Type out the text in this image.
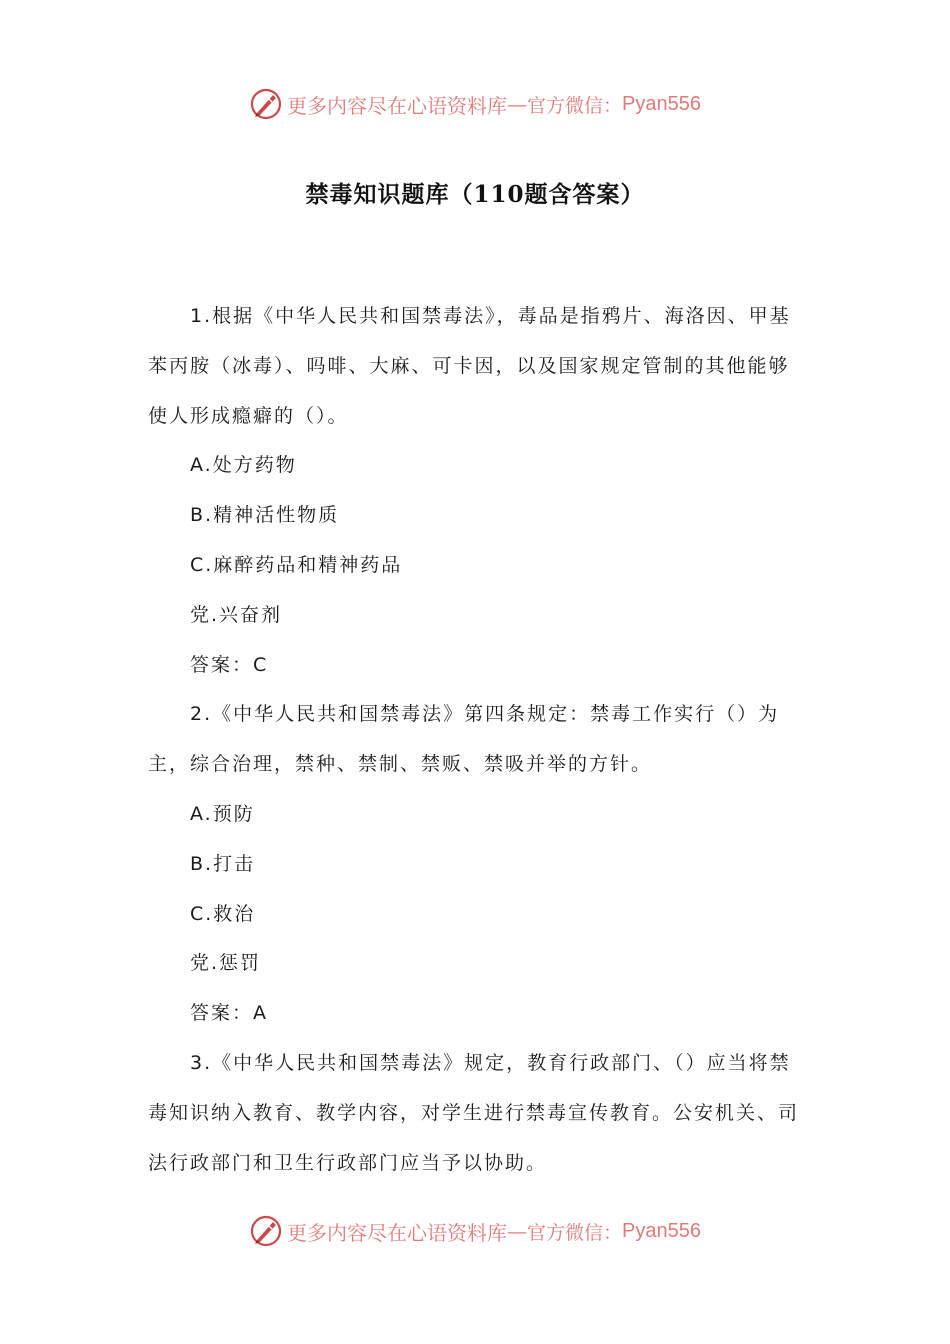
更多内容尽在心语资料库 — 官方微信： Pyan556
禁毒知识题库（110题含答案）

1.根据《中华人民共和国禁毒法》，毒品是指鸦片、海洛因、甲基苯丙胺（冰毒）、吗啡、大麻、可卡因，以及国家规定管制的其他能够使人形成瘾癖的（）。

A.处方药物

B.精神活性物质

C.麻醉药品和精神药品

党.兴奋剂

答案：C

2.《中华人民共和国禁毒法》第四条规定：禁毒工作实行（）为主，综合治理，禁种、禁制、禁贩、禁吸并举的方针。

A.预防

B.打击

C.救治

党.惩罚

答案：A

3.《中华人民共和国禁毒法》规定，教育行政部门、（）应当将禁毒知识纳入教育、教学内容，对学生进行禁毒宣传教育。公安机关、司法行政部门和卫生行政部门应当予以协助。

更多内容尽在心语资料库 — 官方微信： Pyan556
